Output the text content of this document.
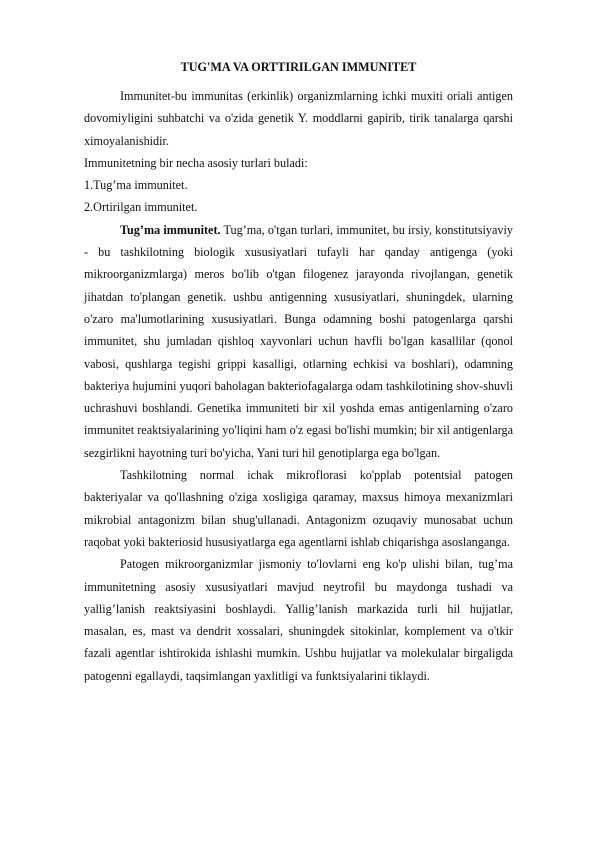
TUG'MA VA ORTTIRILGAN IMMUNITET

Immunitet-bu immunitas (erkinlik) organizmlarning ichki muxiti oriali antigen dovomiyligini suhbatchi va o'zida genetik Y. moddlarni gapirib, tirik tanalarga qarshi ximoyalanishidir.

Immunitetning bir necha asosiy turlari buladi:

1.Tug’ma immunitet.

2.Ortirilgan immunitet.

Tug’ma immunitet. Tug’ma, o'tgan turlari, immunitet, bu irsiy, konstitutsiyaviy - bu tashkilotning biologik xususiyatlari tufayli har qanday antigenga (yoki mikroorganizmlarga) meros bo'lib o'tgan filogenez jarayonda rivojlangan, genetik jihatdan to'plangan genetik. ushbu antigenning xususiyatlari, shuningdek, ularning o'zaro ma'lumotlarining xususiyatlari. Bunga odamning boshi patogenlarga qarshi immunitet, shu jumladan qishloq xayvonlari uchun havfli bo'lgan kasallilar (qonol vabosi, qushlarga tegishi grippi kasalligi, otlarning echkisi va boshlari), odamning bakteriya hujumini yuqori baholagan bakteriofagalarga odam tashkilotining shov-shuvli uchrashuvi boshlandi. Genetika immuniteti bir xil yoshda emas antigenlarning o'zaro immunitet reaktsiyalarining yo'liqini ham o'z egasi bo'lishi mumkin; bir xil antigenlarga sezgirlikni hayotning turi bo'yicha, Yani turi hil genotiplarga ega bo'lgan.

Tashkilotning normal ichak mikroflorasi ko'pplab potentsial patogen bakteriyalar va qo'llashning o'ziga xosligiga qaramay, maxsus himoya mexanizmlari mikrobial antagonizm bilan shug'ullanadi. Antagonizm ozuqaviy munosabat uchun raqobat yoki bakteriosid hususiyatlarga ega agentlarni ishlab chiqarishga asoslanganga.

Patogen mikroorganizmlar jismoniy to'lovlarni eng ko'p ulishi bilan, tug’ma immunitetning asosiy xususiyatlari mavjud neytrofil bu maydonga tushadi va yallig’lanish reaktsiyasini boshlaydi. Yallig’lanish markazida turli hil hujjatlar, masalan, es, mast va dendrit xossalari, shuningdek sitokinlar, komplement va o'tkir fazali agentlar ishtirokida ishlashi mumkin. Ushbu hujjatlar va molekulalar birgaligda patogenni egallaydi, taqsimlangan yaxlitligi va funktsiyalarini tiklaydi.
